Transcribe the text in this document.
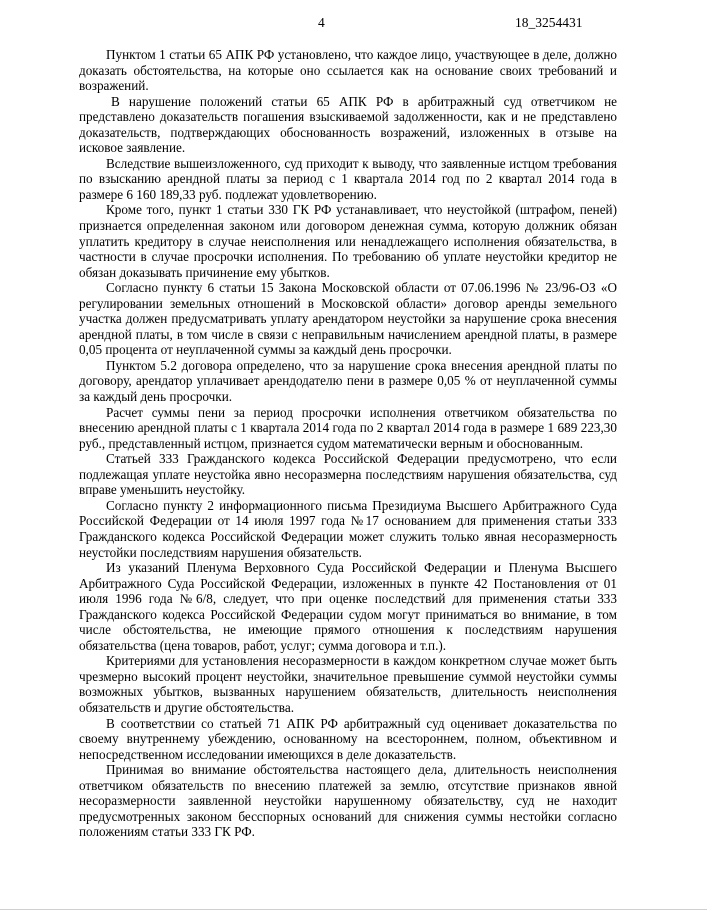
4	18_3254431

Пунктом 1 статьи 65 АПК РФ установлено, что каждое лицо, участвующее в деле, должно доказать обстоятельства, на которые оно ссылается как на основание своих требований и возражений.

В нарушение положений статьи 65 АПК РФ в арбитражный суд ответчиком не представлено доказательств погашения взыскиваемой задолженности, как и не представлено доказательств, подтверждающих обоснованность возражений, изложенных в отзыве на исковое заявление.

Вследствие вышеизложенного, суд приходит к выводу, что заявленные истцом требования по взысканию арендной платы за период с 1 квартала 2014 год по 2 квартал 2014 года в размере 6 160 189,33 руб. подлежат удовлетворению.

Кроме того, пункт 1 статьи 330 ГК РФ устанавливает, что неустойкой (штрафом, пеней) признается определенная законом или договором денежная сумма, которую должник обязан уплатить кредитору в случае неисполнения или ненадлежащего исполнения обязательства, в частности в случае просрочки исполнения. По требованию об уплате неустойки кредитор не обязан доказывать причинение ему убытков.

Согласно пункту 6 статьи 15 Закона Московской области от 07.06.1996 № 23/96-ОЗ «О регулировании земельных отношений в Московской области» договор аренды земельного участка должен предусматривать уплату арендатором неустойки за нарушение срока внесения арендной платы, в том числе в связи с неправильным начислением арендной платы, в размере 0,05 процента от неуплаченной суммы за каждый день просрочки.

Пунктом 5.2 договора определено, что за нарушение срока внесения арендной платы по договору, арендатор уплачивает арендодателю пени в размере 0,05 % от неуплаченной суммы за каждый день просрочки.

Расчет суммы пени за период просрочки исполнения ответчиком обязательства по внесению арендной платы с 1 квартала 2014 года по 2 квартал 2014 года в размере 1 689 223,30 руб., представленный истцом, признается судом математически верным и обоснованным.

Статьей 333 Гражданского кодекса Российской Федерации предусмотрено, что если подлежащая уплате неустойка явно несоразмерна последствиям нарушения обязательства, суд вправе уменьшить неустойку.

Согласно пункту 2 информационного письма Президиума Высшего Арбитражного Суда Российской Федерации от 14 июля 1997 года №17 основанием для применения статьи 333 Гражданского кодекса Российской Федерации может служить только явная несоразмерность неустойки последствиям нарушения обязательств.

Из указаний Пленума Верховного Суда Российской Федерации и Пленума Высшего Арбитражного Суда Российской Федерации, изложенных в пункте 42 Постановления от 01 июля 1996 года №6/8, следует, что при оценке последствий для применения статьи 333 Гражданского кодекса Российской Федерации судом могут приниматься во внимание, в том числе обстоятельства, не имеющие прямого отношения к последствиям нарушения обязательства (цена товаров, работ, услуг; сумма договора и т.п.).

Критериями для установления несоразмерности в каждом конкретном случае может быть чрезмерно высокий процент неустойки, значительное превышение суммой неустойки суммы возможных убытков, вызванных нарушением обязательств, длительность неисполнения обязательств и другие обстоятельства.

В соответствии со статьей 71 АПК РФ арбитражный суд оценивает доказательства по своему внутреннему убеждению, основанному на всестороннем, полном, объективном и непосредственном исследовании имеющихся в деле доказательств.

Принимая во внимание обстоятельства настоящего дела, длительность неисполнения ответчиком обязательств по внесению платежей за землю, отсутствие признаков явной несоразмерности заявленной неустойки нарушенному обязательству, суд не находит предусмотренных законом бесспорных оснований для снижения суммы нестойки согласно положениям статьи 333 ГК РФ.
